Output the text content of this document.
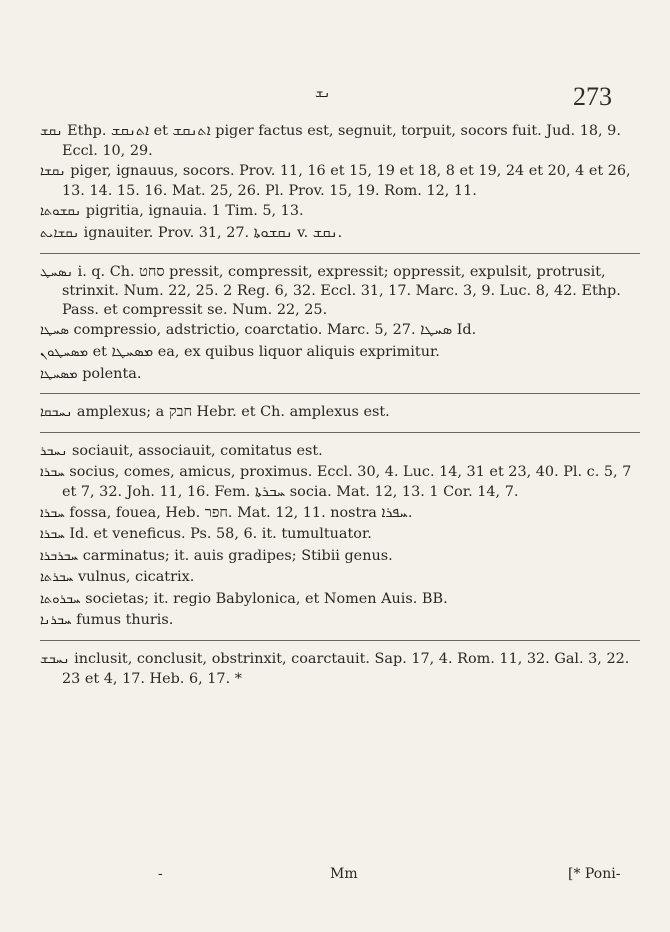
ܢܫ	273

ܢܩܫ Ethp. ܐܬܢܩܫ et ܐܬܢܩܫ piger factus est, segnuit, torpuit, socors fuit. Jud. 18, 9. Eccl. 10, 29.

ܢܩܫܐ piger, ignauus, socors. Prov. 11, 16 et 15, 19 et 18, 8 et 19, 24 et 20, 4 et 26, 13. 14. 15. 16. Mat. 25, 26. Pl. Prov. 15, 19. Rom. 12, 11.

ܢܩܫܘܬܐ pigritia, ignauia. 1 Tim. 5, 13.

ܢܩܫܐܝܬ ignauiter. Prov. 31, 27. ܢܩܫܘܬܐ v. ܢܩܫ.

ܢܣܚܛ i. q. Ch. סחט pressit, compressit, expressit; oppressit, expulsit, protrusit, strinxit. Num. 22, 25. 2 Reg. 6, 32. Eccl. 31, 17. Marc. 3, 9. Luc. 8, 42. Ethp. Pass. et compressit se. Num. 22, 25.

ܣܚܛܐ compressio, adstrictio, coarctatio. Marc. 5, 27. ܣܚܛܐ Id.

ܡܣܚܛܘܢ et ܡܣܚܛܐ ea, ex quibus liquor aliquis exprimitur.

ܡܣܚܛܐ polenta.

ܢܚܒܩܐ amplexus; a חבק Hebr. et Ch. amplexus est.

ܢܚܒܪ sociauit, associauit, comitatus est.

ܚܒܪܐ socius, comes, amicus, proximus. Eccl. 30, 4. Luc. 14, 31 et 23, 40. Pl. c. 5, 7 et 7, 32. Joh. 11, 16. Fem. ܚܒܪܬܐ socia. Mat. 12, 13. 1 Cor. 14, 7.

ܚܒܪܐ fossa, fouea, Heb. חפר. Mat. 12, 11. nostra ܚܦܪܐ.

ܚܒܪܐ Id. et veneficus. Ps. 58, 6. it. tumultuator.

ܚܒܪܒܪܐ carminatus; it. auis gradipes; Stibii genus.

ܚܒܪܬܐ vulnus, cicatrix.

ܚܒܪܘܬܐ societas; it. regio Babylonica, et Nomen Auis. BB.

ܚܒܪܢܐ fumus thuris.

ܢܚܒܫ inclusit, conclusit, obstrinxit, coarctauit. Sap. 17, 4. Rom. 11, 32. Gal. 3, 22. 23 et 4, 17. Heb. 6, 17. *

-	Mm	[* Poni-
